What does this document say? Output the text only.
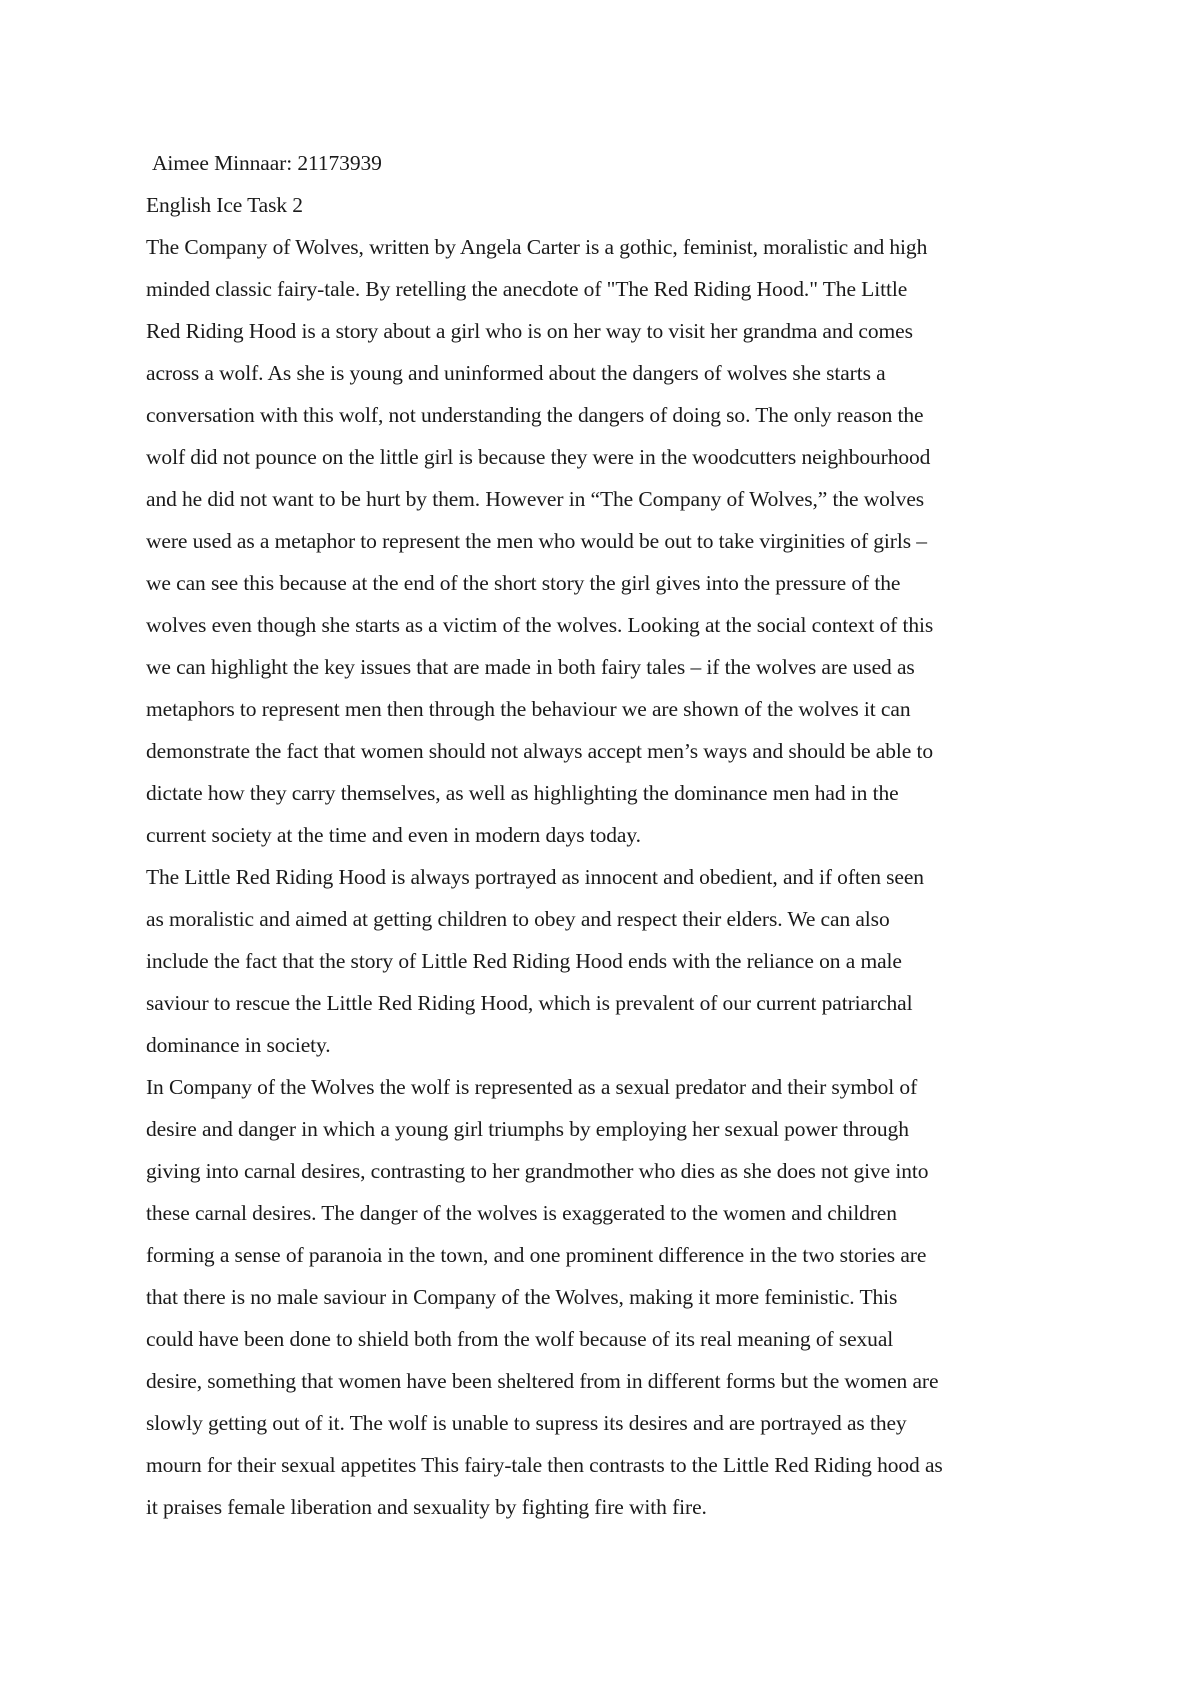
Aimee Minnaar: 21173939
English Ice Task 2
The Company of Wolves, written by Angela Carter is a gothic, feminist, moralistic and high
minded classic fairy-tale. By retelling the anecdote of "The Red Riding Hood." The Little
Red Riding Hood is a story about a girl who is on her way to visit her grandma and comes
across a wolf. As she is young and uninformed about the dangers of wolves she starts a
conversation with this wolf, not understanding the dangers of doing so. The only reason the
wolf did not pounce on the little girl is because they were in the woodcutters neighbourhood
and he did not want to be hurt by them. However in “The Company of Wolves,” the wolves
were used as a metaphor to represent the men who would be out to take virginities of girls –
we can see this because at the end of the short story the girl gives into the pressure of the
wolves even though she starts as a victim of the wolves. Looking at the social context of this
we can highlight the key issues that are made in both fairy tales – if the wolves are used as
metaphors to represent men then through the behaviour we are shown of the wolves it can
demonstrate the fact that women should not always accept men’s ways and should be able to
dictate how they carry themselves, as well as highlighting the dominance men had in the
current society at the time and even in modern days today.
The Little Red Riding Hood is always portrayed as innocent and obedient, and if often seen
as moralistic and aimed at getting children to obey and respect their elders. We can also
include the fact that the story of Little Red Riding Hood ends with the reliance on a male
saviour to rescue the Little Red Riding Hood, which is prevalent of our current patriarchal
dominance in society.
In Company of the Wolves the wolf is represented as a sexual predator and their symbol of
desire and danger in which a young girl triumphs by employing her sexual power through
giving into carnal desires, contrasting to her grandmother who dies as she does not give into
these carnal desires. The danger of the wolves is exaggerated to the women and children
forming a sense of paranoia in the town, and one prominent difference in the two stories are
that there is no male saviour in Company of the Wolves, making it more feministic. This
could have been done to shield both from the wolf because of its real meaning of sexual
desire, something that women have been sheltered from in different forms but the women are
slowly getting out of it. The wolf is unable to supress its desires and are portrayed as they
mourn for their sexual appetites This fairy-tale then contrasts to the Little Red Riding hood as
it praises female liberation and sexuality by fighting fire with fire.
